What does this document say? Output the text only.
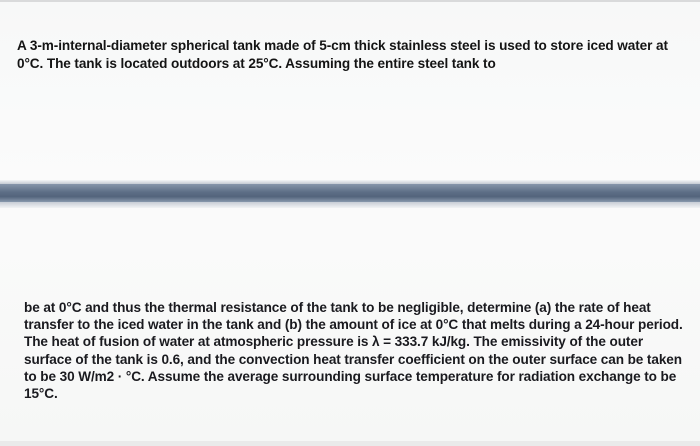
A 3-m-internal-diameter spherical tank made of 5-cm thick stainless steel is used to store iced water at 0°C. The tank is located outdoors at 25°C. Assuming the entire steel tank to

be at 0°C and thus the thermal resistance of the tank to be negligible, determine (a) the rate of heat transfer to the iced water in the tank and (b) the amount of ice at 0°C that melts during a 24-hour period. The heat of fusion of water at atmospheric pressure is λ = 333.7 kJ/kg. The emissivity of the outer surface of the tank is 0.6, and the convection heat transfer coefficient on the outer surface can be taken to be 30 W/m2 · °C. Assume the average surrounding surface temperature for radiation exchange to be 15°C.
